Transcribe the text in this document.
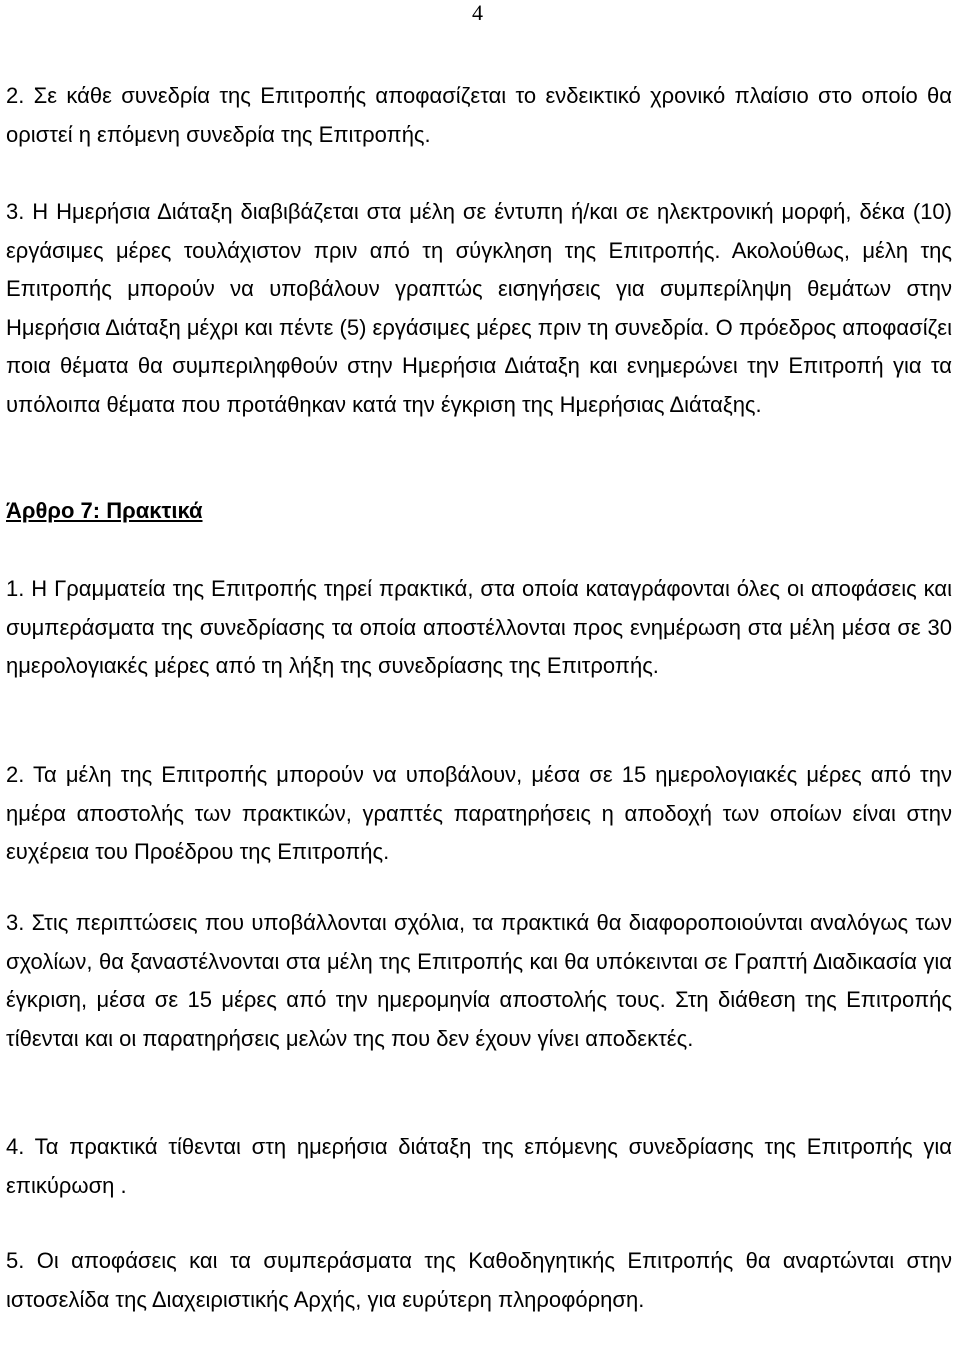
4

2. Σε κάθε συνεδρία της Επιτροπής αποφασίζεται το ενδεικτικό χρονικό πλαίσιο στο οποίο θα οριστεί η επόμενη συνεδρία της Επιτροπής.

3. Η Ημερήσια Διάταξη διαβιβάζεται στα μέλη σε έντυπη ή/και σε ηλεκτρονική μορφή, δέκα (10) εργάσιμες μέρες τουλάχιστον πριν από τη σύγκληση της Επιτροπής. Ακολούθως, μέλη της Επιτροπής μπορούν να υποβάλουν γραπτώς εισηγήσεις για συμπερίληψη θεμάτων στην Ημερήσια Διάταξη μέχρι και πέντε (5) εργάσιμες μέρες πριν τη συνεδρία. Ο πρόεδρος αποφασίζει ποια θέματα θα συμπεριληφθούν στην Ημερήσια Διάταξη και ενημερώνει την Επιτροπή για τα υπόλοιπα θέματα που προτάθηκαν κατά την έγκριση της Ημερήσιας Διάταξης.

Άρθρο 7: Πρακτικά

1. Η Γραμματεία της Επιτροπής τηρεί πρακτικά, στα οποία καταγράφονται όλες οι αποφάσεις και συμπεράσματα της συνεδρίασης τα οποία αποστέλλονται προς ενημέρωση στα μέλη μέσα σε 30 ημερολογιακές μέρες από τη λήξη της συνεδρίασης της Επιτροπής.

2. Τα μέλη της Επιτροπής μπορούν να υποβάλουν, μέσα σε 15 ημερολογιακές μέρες από την ημέρα αποστολής των πρακτικών, γραπτές παρατηρήσεις η αποδοχή των οποίων είναι στην ευχέρεια του Προέδρου της Επιτροπής.

3. Στις περιπτώσεις που υποβάλλονται σχόλια, τα πρακτικά θα διαφοροποιούνται αναλόγως των σχολίων, θα ξαναστέλνονται στα μέλη της Επιτροπής και θα υπόκεινται σε Γραπτή Διαδικασία για έγκριση, μέσα σε 15 μέρες από την ημερομηνία αποστολής τους. Στη διάθεση της Επιτροπής τίθενται και οι παρατηρήσεις μελών της που δεν έχουν γίνει αποδεκτές.

4. Τα πρακτικά τίθενται στη ημερήσια διάταξη της επόμενης συνεδρίασης της Επιτροπής για επικύρωση .

5. Οι αποφάσεις και τα συμπεράσματα της Καθοδηγητικής Επιτροπής θα αναρτώνται στην ιστοσελίδα της Διαχειριστικής Αρχής, για ευρύτερη πληροφόρηση.
